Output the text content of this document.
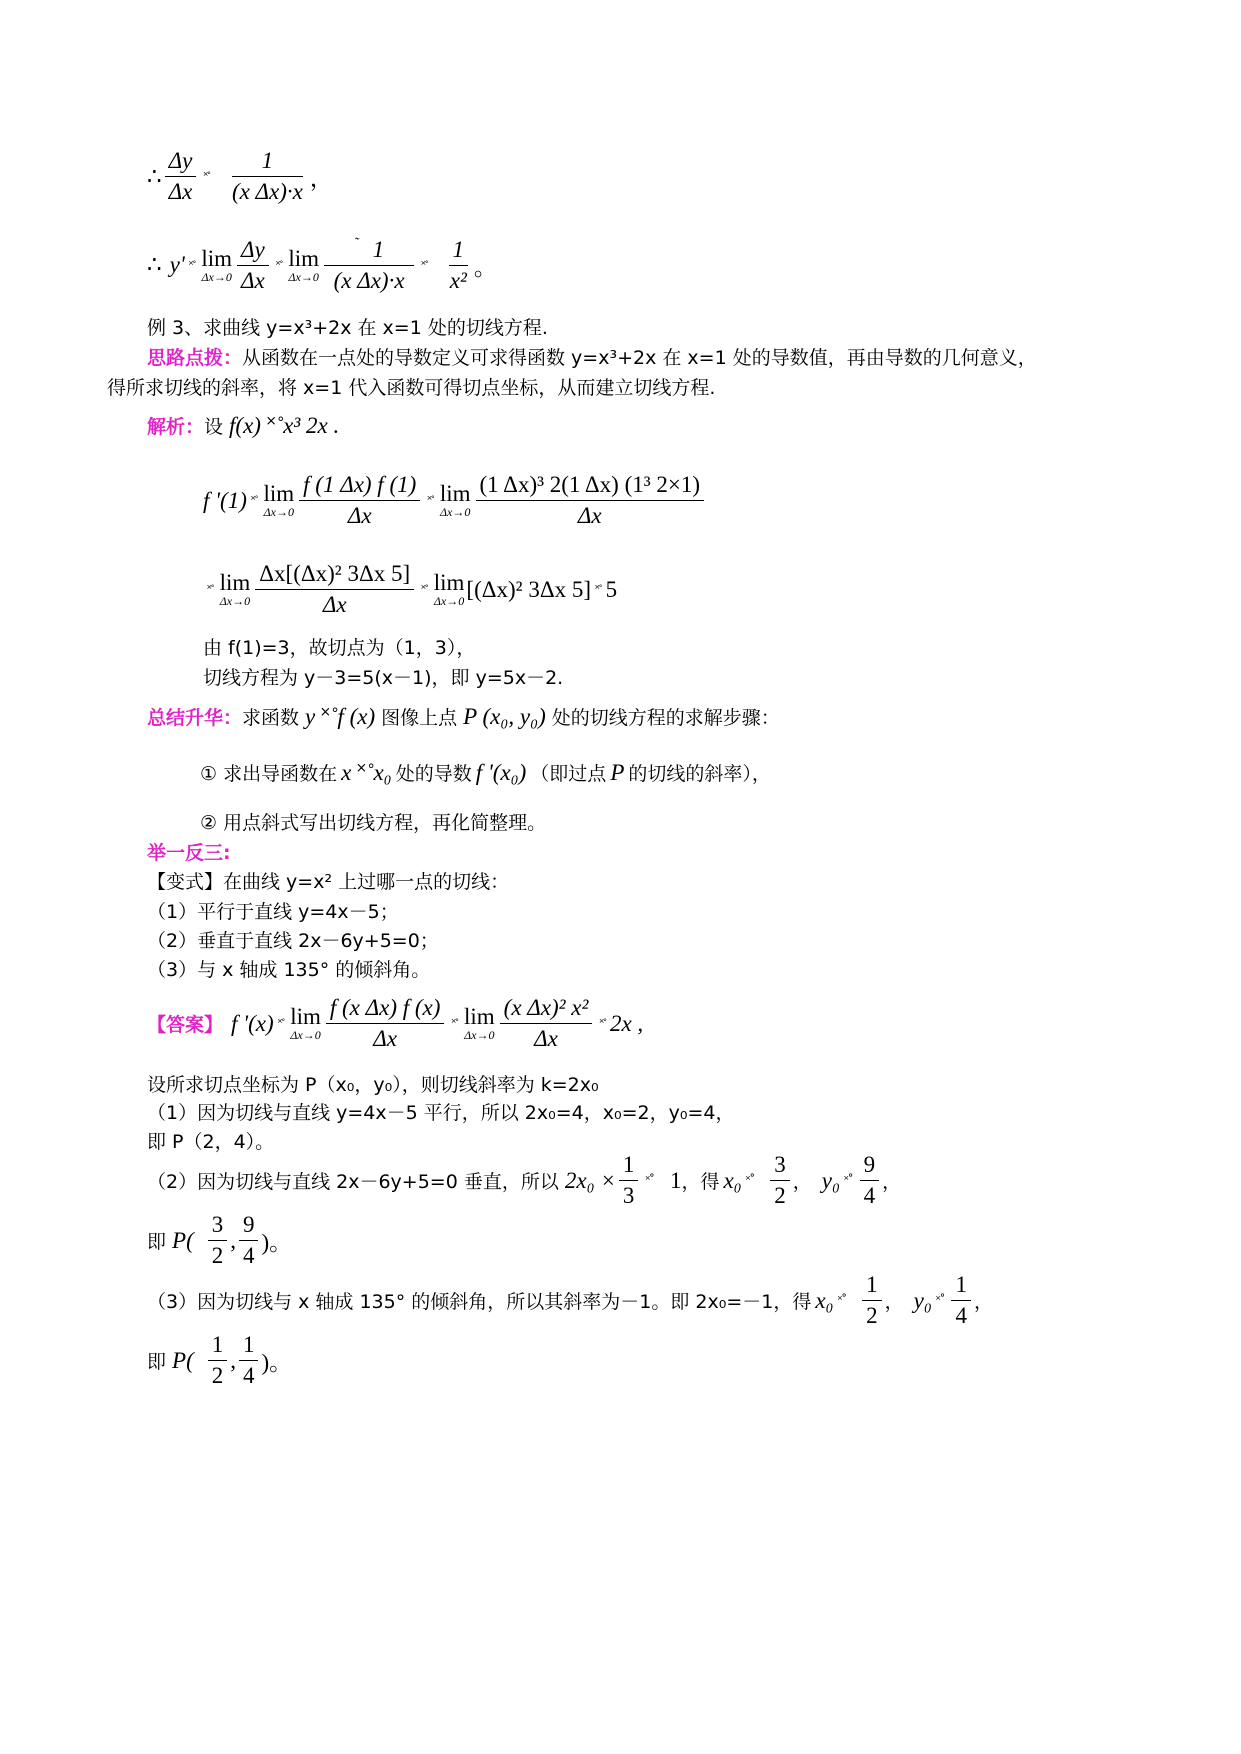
∴ $\frac{\Delta y}{\Delta x}$ ˟˚ $\frac{1}{\text{(x Δx)·x}}$ ，
∴ y' ˟˚ lim
$\Delta x\to 0 \frac{\Delta y}{\Delta x}$ ˟˚ lim
$\Delta x\to 0 \frac{^˜ 1}{\text{(x Δx)·x}}$ ˟˚ $\frac{1}{\text{x²}}$ 。
例 3、求曲线 y=x³+2x 在 x=1 处的切线方程.
思路点拨：从函数在一点处的导数定义可求得函数 y=x³+2x 在 x=1 处的导数值，再由导数的几何意义，
得所求切线的斜率，将 x=1 代入函数可得切点坐标，从而建立切线方程.
解析： 设 f(x) ˟˚x³ 2x .
f '(1) ˟˚ lim
$\Delta x\to 0 \frac{f (1 \Delta x) f (1)}{\Delta x}$ ˟˚ lim
$\Delta x\to 0 \frac{\text{(1 Δx)³ 2(1 Δx) (1³ 2×1)}}{\Delta x}$
˟˚ lim
$\Delta x\to 0 \frac{\text{Δx[(Δx)² 3Δx 5]}}{\Delta x}$ ˟˚ lim
Δx→0 [(Δx)² 3Δx 5] ˟˚ 5
由 f(1)=3，故切点为（1，3），
切线方程为 y－3=5(x－1)，即 y=5x－2.
总结升华： 求函数 y ˟˚f (x) 图像上点 P (x₀, y₀) 处的切线方程的求解步骤：
① 求出导函数在 x ˟˚x₀ 处的导数 f '(x₀) （即过点 P 的切线的斜率），
② 用点斜式写出切线方程，再化简整理。
举一反三:
【变式】在曲线 y=x² 上过哪一点的切线：
（1）平行于直线 y=4x－5；
（2）垂直于直线 2x－6y+5=0；
（3）与 x 轴成 135° 的倾斜角。
【答案】 f '(x) ˟˚ lim
$\Delta x\to 0 \frac{\text{f (x Δx) f (x)}}{\Delta x}$ ˟˚ lim
$\Delta x\to 0 \frac{\text{(x Δx)² x²}}{\Delta x}$ ˟˚ 2x ,
设所求切点坐标为 P（x₀，y₀），则切线斜率为 k=2x₀
（1）因为切线与直线 y=4x－5 平行，所以 2x₀=4，x₀=2，y₀=4，
即 P（2，4）。
（2）因为切线与直线 2x－6y+5=0 垂直，所以 $2x_0 \times \frac{1}{3}$ ˟˚ 1 ，得 x₀ ˟˚ $\frac{3}{2}$ ， y₀ ˟˚ $\frac{9}{4}$ ，
即 $P( \frac{3}{2}$ , $\frac{9}{4}$ )。
（3）因为切线与 x 轴成 135° 的倾斜角，所以其斜率为－1。即 2x₀=－1，得 x₀ ˟˚ $\frac{1}{2}$ ， y₀ ˟˚ $\frac{1}{4}$ ，
即 $P( \frac{1}{2}$ , $\frac{1}{4}$ )。
